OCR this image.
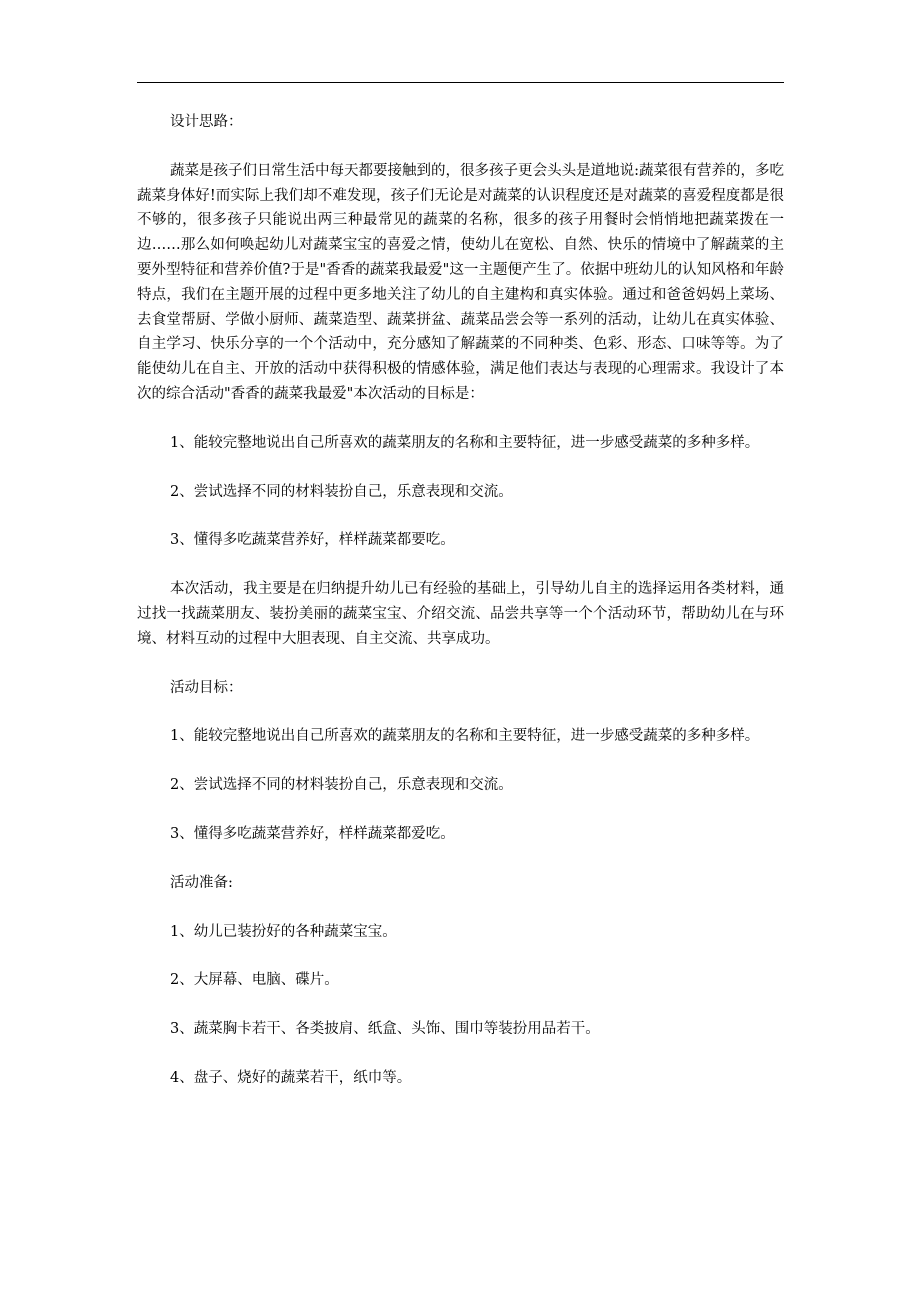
设计思路：

蔬菜是孩子们日常生活中每天都要接触到的，很多孩子更会头头是道地说:蔬菜很有营养的，多吃蔬菜身体好!而实际上我们却不难发现，孩子们无论是对蔬菜的认识程度还是对蔬菜的喜爱程度都是很不够的，很多孩子只能说出两三种最常见的蔬菜的名称，很多的孩子用餐时会悄悄地把蔬菜拨在一边……那么如何唤起幼儿对蔬菜宝宝的喜爱之情，使幼儿在宽松、自然、快乐的情境中了解蔬菜的主要外型特征和营养价值?于是"香香的蔬菜我最爱"这一主题便产生了。依据中班幼儿的认知风格和年龄特点，我们在主题开展的过程中更多地关注了幼儿的自主建构和真实体验。通过和爸爸妈妈上菜场、去食堂帮厨、学做小厨师、蔬菜造型、蔬菜拼盆、蔬菜品尝会等一系列的活动，让幼儿在真实体验、自主学习、快乐分享的一个个活动中，充分感知了解蔬菜的不同种类、色彩、形态、口味等等。为了能使幼儿在自主、开放的活动中获得积极的情感体验，满足他们表达与表现的心理需求。我设计了本次的综合活动"香香的蔬菜我最爱"本次活动的目标是：

1、能较完整地说出自己所喜欢的蔬菜朋友的名称和主要特征，进一步感受蔬菜的多种多样。

2、尝试选择不同的材料装扮自己，乐意表现和交流。

3、懂得多吃蔬菜营养好，样样蔬菜都要吃。

本次活动，我主要是在归纳提升幼儿已有经验的基础上，引导幼儿自主的选择运用各类材料，通过找一找蔬菜朋友、装扮美丽的蔬菜宝宝、介绍交流、品尝共享等一个个活动环节，帮助幼儿在与环境、材料互动的过程中大胆表现、自主交流、共享成功。

活动目标：

1、能较完整地说出自己所喜欢的蔬菜朋友的名称和主要特征，进一步感受蔬菜的多种多样。

2、尝试选择不同的材料装扮自己，乐意表现和交流。

3、懂得多吃蔬菜营养好，样样蔬菜都爱吃。

活动准备:

1、幼儿已装扮好的各种蔬菜宝宝。

2、大屏幕、电脑、碟片。

3、蔬菜胸卡若干、各类披肩、纸盒、头饰、围巾等装扮用品若干。

4、盘子、烧好的蔬菜若干，纸巾等。
